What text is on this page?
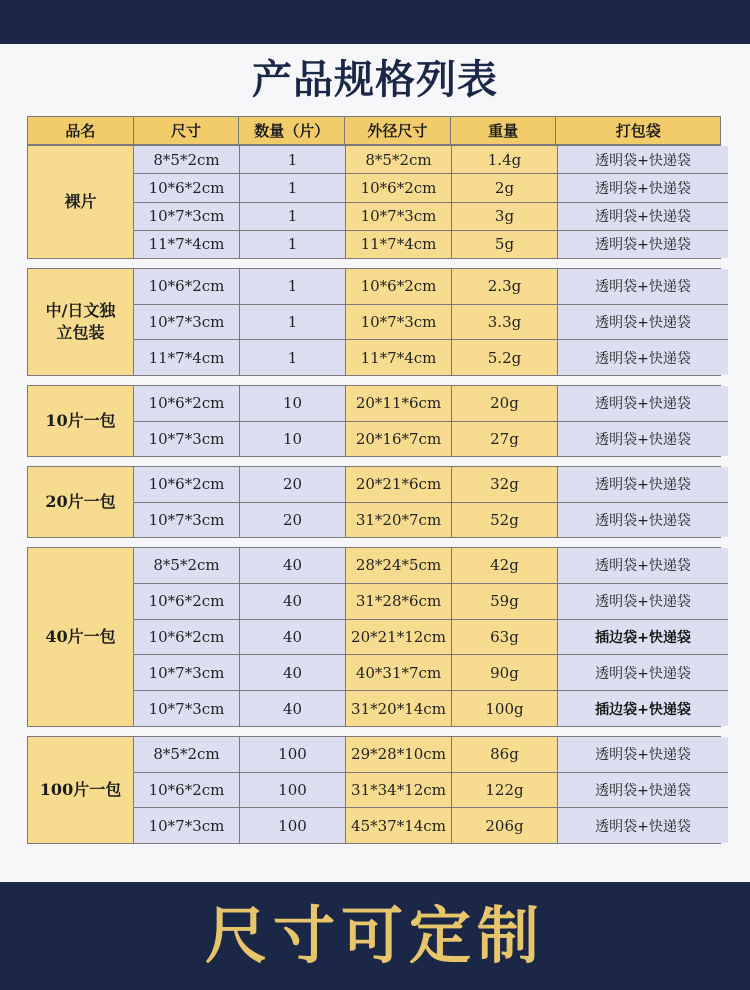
产品规格列表
品名	尺寸	数量（片）	外径尺寸	重量	打包袋
裸片
8*5*2cm	1	8*5*2cm	1.4g	透明袋+快递袋
10*6*2cm	1	10*6*2cm	2g	透明袋+快递袋
10*7*3cm	1	10*7*3cm	3g	透明袋+快递袋
11*7*4cm	1	11*7*4cm	5g	透明袋+快递袋
中/日文独立包装
10*6*2cm	1	10*6*2cm	2.3g	透明袋+快递袋
10*7*3cm	1	10*7*3cm	3.3g	透明袋+快递袋
11*7*4cm	1	11*7*4cm	5.2g	透明袋+快递袋
10片一包
10*6*2cm	10	20*11*6cm	20g	透明袋+快递袋
10*7*3cm	10	20*16*7cm	27g	透明袋+快递袋
20片一包
10*6*2cm	20	20*21*6cm	32g	透明袋+快递袋
10*7*3cm	20	31*20*7cm	52g	透明袋+快递袋
40片一包
8*5*2cm	40	28*24*5cm	42g	透明袋+快递袋
10*6*2cm	40	31*28*6cm	59g	透明袋+快递袋
10*6*2cm	40	20*21*12cm	63g	插边袋+快递袋
10*7*3cm	40	40*31*7cm	90g	透明袋+快递袋
10*7*3cm	40	31*20*14cm	100g	插边袋+快递袋
100片一包
8*5*2cm	100	29*28*10cm	86g	透明袋+快递袋
10*6*2cm	100	31*34*12cm	122g	透明袋+快递袋
10*7*3cm	100	45*37*14cm	206g	透明袋+快递袋
尺寸可定制
